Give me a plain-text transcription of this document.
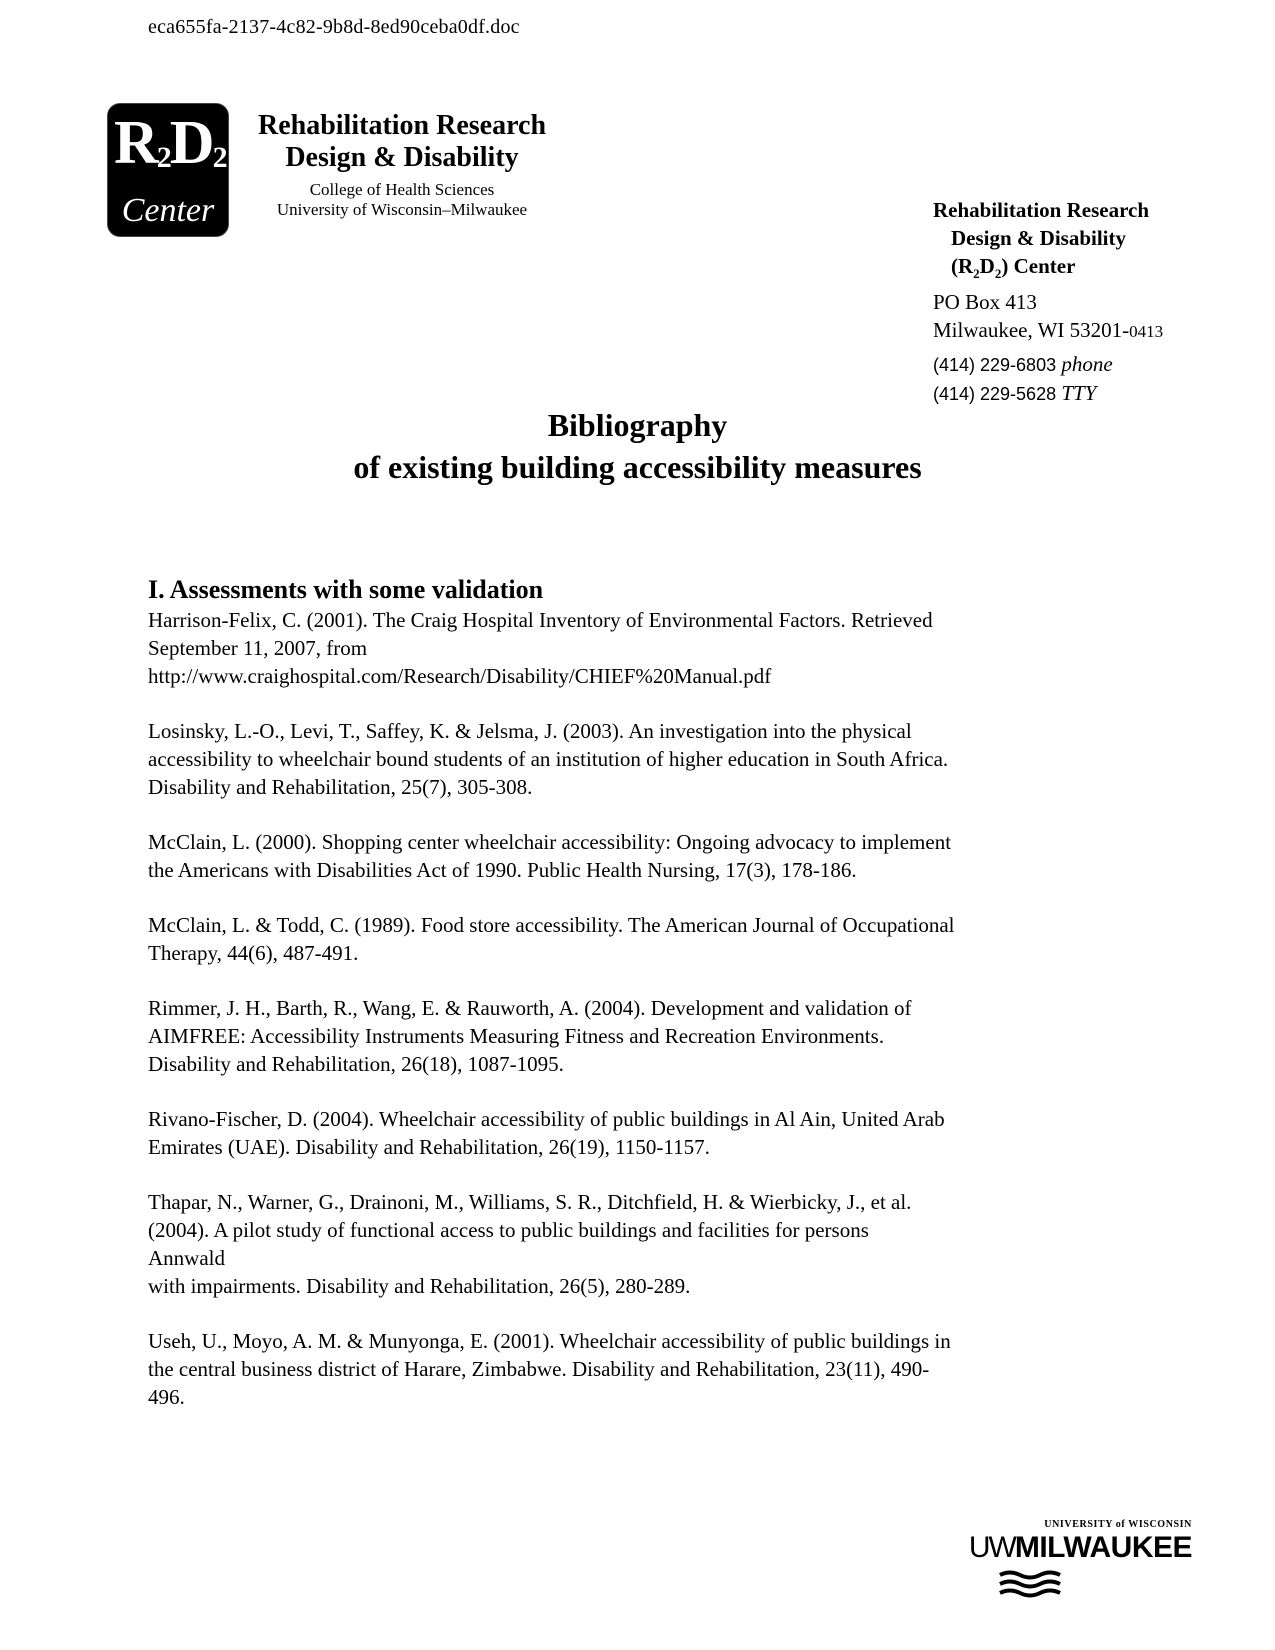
eca655fa-2137-4c82-9b8d-8ed90ceba0df.doc
$R_2D_2$
Center
Rehabilitation Research
Design & Disability
College of Health Sciences
University of Wisconsin–Milwaukee	Rehabilitation Research
Design & Disability
$(R_2D_2)$ Center
PO Box 413
Milwaukee, WI 53201-0413
(414) 229-6803 phone
(414) 229-5628 TTY
Bibliography
of existing building accessibility measures
I. Assessments with some validation
Harrison-Felix, C. (2001). The Craig Hospital Inventory of Environmental Factors. Retrieved
September 11, 2007, from
http://www.craighospital.com/Research/Disability/CHIEF%20Manual.pdf
Losinsky, L.-O., Levi, T., Saffey, K. & Jelsma, J. (2003). An investigation into the physical
accessibility to wheelchair bound students of an institution of higher education in South Africa.
Disability and Rehabilitation, 25(7), 305-308.
McClain, L. (2000). Shopping center wheelchair accessibility: Ongoing advocacy to implement
the Americans with Disabilities Act of 1990. Public Health Nursing, 17(3), 178-186.
McClain, L. & Todd, C. (1989). Food store accessibility. The American Journal of Occupational
Therapy, 44(6), 487-491.
Rimmer, J. H., Barth, R., Wang, E. & Rauworth, A. (2004). Development and validation of
AIMFREE: Accessibility Instruments Measuring Fitness and Recreation Environments.
Disability and Rehabilitation, 26(18), 1087-1095.
Rivano-Fischer, D. (2004). Wheelchair accessibility of public buildings in Al Ain, United Arab
Emirates (UAE). Disability and Rehabilitation, 26(19), 1150-1157.
Thapar, N., Warner, G., Drainoni, M., Williams, S. R., Ditchfield, H. & Wierbicky, J., et al.
(2004). A pilot study of functional access to public buildings and facilities for persons
Annwald
with impairments. Disability and Rehabilitation, 26(5), 280-289.
Useh, U., Moyo, A. M. & Munyonga, E. (2001). Wheelchair accessibility of public buildings in
the central business district of Harare, Zimbabwe. Disability and Rehabilitation, 23(11), 490-
496.
UNIVERSITY of WISCONSIN
UWMILWAUKEE
